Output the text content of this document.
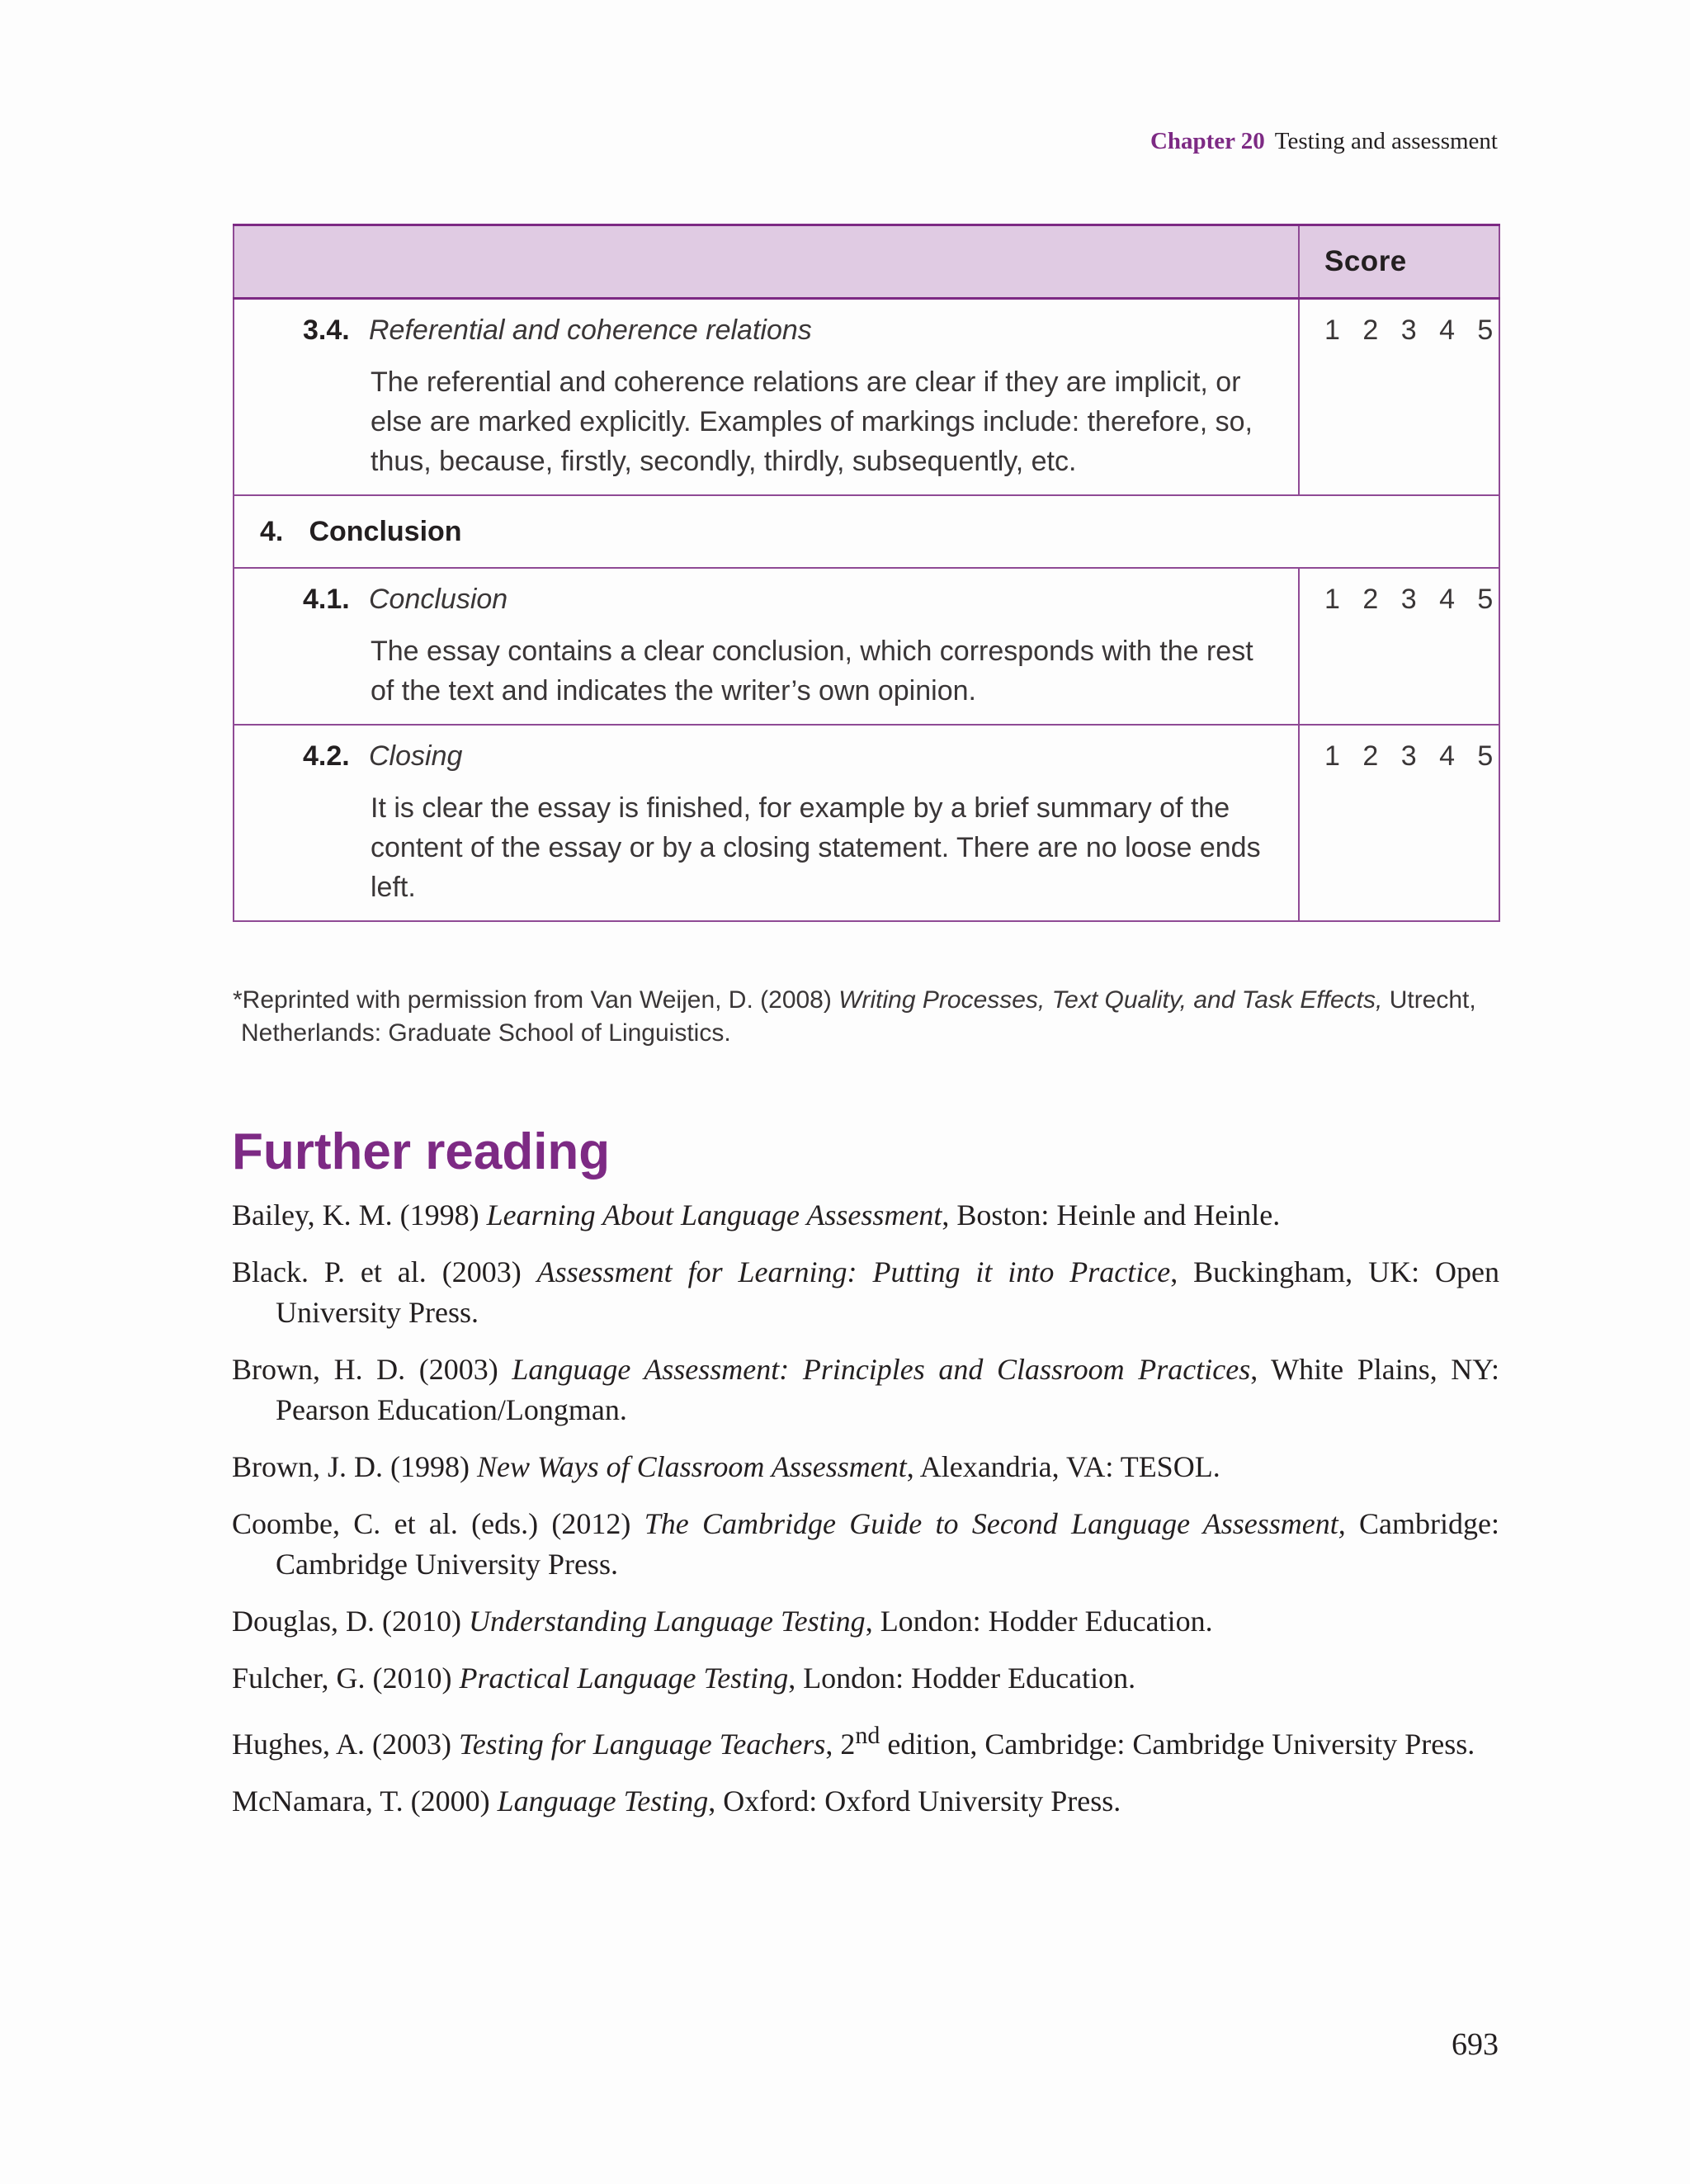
Chapter 20 Testing and assessment
	Score

3.4. Referential and coherence relations
The referential and coherence relations are clear if they are implicit, or else are marked explicitly. Examples of markings include: therefore, so, thus, because, firstly, secondly, thirdly, subsequently, etc.	1 2 3 4 5
4. Conclusion	

4.1. Conclusion
The essay contains a clear conclusion, which corresponds with the rest of the text and indicates the writer’s own opinion.	1 2 3 4 5

4.2. Closing
It is clear the essay is finished, for example by a brief summary of the content of the essay or by a closing statement. There are no loose ends left.	1 2 3 4 5
*Reprinted with permission from Van Weijen, D. (2008) Writing Processes, Text Quality, and Task Effects, Utrecht,
Netherlands: Graduate School of Linguistics.
Further reading
Bailey, K. M. (1998) Learning About Language Assessment, Boston: Heinle and Heinle.
Black. P. et al. (2003) Assessment for Learning: Putting it into Practice, Buckingham, UK: Open University Press.
Brown, H. D. (2003) Language Assessment: Principles and Classroom Practices, White Plains, NY: Pearson Education/Longman.
Brown, J. D. (1998) New Ways of Classroom Assessment, Alexandria, VA: TESOL.
Coombe, C. et al. (eds.) (2012) The Cambridge Guide to Second Language Assessment, Cambridge: Cambridge University Press.
Douglas, D. (2010) Understanding Language Testing, London: Hodder Education.
Fulcher, G. (2010) Practical Language Testing, London: Hodder Education.
Hughes, A. (2003) Testing for Language Teachers, 2nd edition, Cambridge: Cambridge University Press.
McNamara, T. (2000) Language Testing, Oxford: Oxford University Press.
693
